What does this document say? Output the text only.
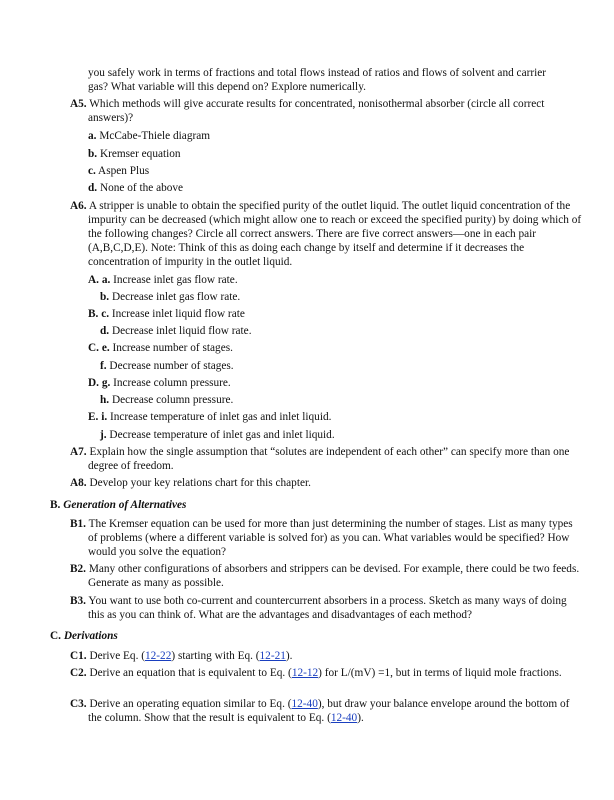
you safely work in terms of fractions and total flows instead of ratios and flows of solvent and carrier gas? What variable will this depend on? Explore numerically.
A5. Which methods will give accurate results for concentrated, nonisothermal absorber (circle all correct answers)?
a. McCabe-Thiele diagram
b. Kremser equation
c. Aspen Plus
d. None of the above
A6. A stripper is unable to obtain the specified purity of the outlet liquid. The outlet liquid concentration of the impurity can be decreased (which might allow one to reach or exceed the specified purity) by doing which of the following changes? Circle all correct answers. There are five correct answers—one in each pair (A,B,C,D,E). Note: Think of this as doing each change by itself and determine if it decreases the concentration of impurity in the outlet liquid.
A. a. Increase inlet gas flow rate.
b. Decrease inlet gas flow rate.
B. c. Increase inlet liquid flow rate
d. Decrease inlet liquid flow rate.
C. e. Increase number of stages.
f. Decrease number of stages.
D. g. Increase column pressure.
h. Decrease column pressure.
E. i. Increase temperature of inlet gas and inlet liquid.
j. Decrease temperature of inlet gas and inlet liquid.
A7. Explain how the single assumption that “solutes are independent of each other” can specify more than one degree of freedom.
A8. Develop your key relations chart for this chapter.
B. Generation of Alternatives
B1. The Kremser equation can be used for more than just determining the number of stages. List as many types of problems (where a different variable is solved for) as you can. What variables would be specified? How would you solve the equation?
B2. Many other configurations of absorbers and strippers can be devised. For example, there could be two feeds. Generate as many as possible.
B3. You want to use both co-current and countercurrent absorbers in a process. Sketch as many ways of doing this as you can think of. What are the advantages and disadvantages of each method?
C. Derivations
C1. Derive Eq. (12-22) starting with Eq. (12-21).
C2. Derive an equation that is equivalent to Eq. (12-12) for L/(mV) =1, but in terms of liquid mole fractions.
C3. Derive an operating equation similar to Eq. (12-40), but draw your balance envelope around the bottom of the column. Show that the result is equivalent to Eq. (12-40).
